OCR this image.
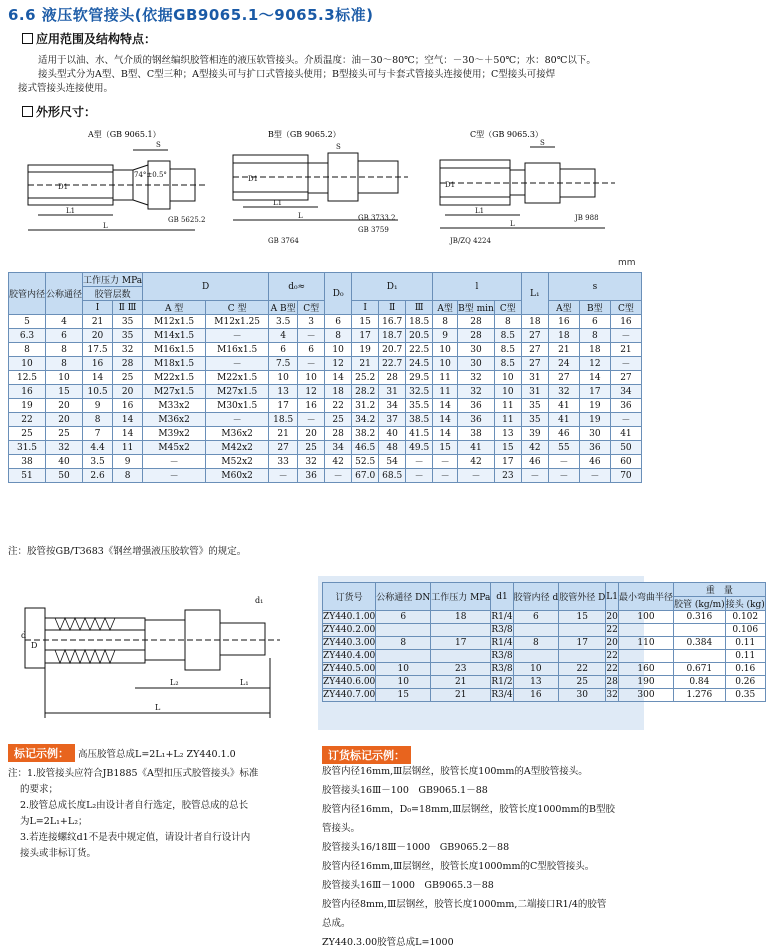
6.6 液压软管接头(依据GB9065.1～9065.3标准)
应用范围及结构特点：
适用于以油、水、气介质的钢丝编织胶管相连的液压软管接头。介质温度：油－30～80℃；空气：－30～＋50℃；水：80℃以下。
接头型式分为A型、B型、C型三种；A型接头可与扩口式管接头使用；B型接头可与卡套式管接头连接使用；C型接头可接焊
接式管接头连接使用。
外形尺寸：
A型（GB 9065.1）
74°±0.5°
L1
L
D1
GB 5625.2
S
B型（GB 9065.2）
L1
L
D1
GB 3733.2
GB 3759
GB 3764
S
C型（GB 9065.3）
S
D1
L1
L
JB 988
JB/ZQ 4224
mm
胶管内径	公称通径	工作压力 MPa		D		d₀≈		D₀	D₁			l			L₁	s		
		胶管层数																
		Ⅰ	Ⅱ Ⅲ	A 型	C 型	A B型	C型		Ⅰ	Ⅱ	Ⅲ	A型	B型 min	C型		A型	B型	C型
5	4	21	35	M12x1.5	M12x1.25	3.5	3	6	15	16.7	18.5	8	28	8	18	16	6	16
6.3	6	20	35	M14x1.5	－	4	－	8	17	18.7	20.5	9	28	8.5	27	18	8	－
8	8	17.5	32	M16x1.5	M16x1.5	6	6	10	19	20.7	22.5	10	30	8.5	27	21	18	21
10	8	16	28	M18x1.5	－	7.5	－	12	21	22.7	24.5	10	30	8.5	27	24	12	－
12.5	10	14	25	M22x1.5	M22x1.5	10	10	14	25.2	28	29.5	11	32	10	31	27	14	27
16	15	10.5	20	M27x1.5	M27x1.5	13	12	18	28.2	31	32.5	11	32	10	31	32	17	34
19	20	9	16	M33x2	M30x1.5	17	16	22	31.2	34	35.5	14	36	11	35	41	19	36
22	20	8	14	M36x2	－	18.5	－	25	34.2	37	38.5	14	36	11	35	41	19	－
25	25	7	14	M39x2	M36x2	21	20	28	38.2	40	41.5	14	38	13	39	46	30	41
31.5	32	4.4	11	M45x2	M42x2	27	25	34	46.5	48	49.5	15	41	15	42	55	36	50
38	40	3.5	9	－	M52x2	33	32	42	52.5	54	－	－	42	17	46	－	46	60
51	50	2.6	8	－	M60x2	－	36	－	67.0	68.5	－	－	－	23	－	－	－	70
注：胶管按GB/T3683《钢丝增强液压胶软管》的规定。
d₁
d
D
L₂	L₁
L
订货号	公称通径 DN	工作压力 MPa	d1	胶管内径 d	胶管外径 D	L1	最小弯曲半径	重　量	
								胶管 (kg/m)	接头 (kg)
ZY440.1.00	6	18	R1/4	6	15	20	100	0.316	0.102
ZY440.2.00			R3/8			22			0.106
ZY440.3.00	8	17	R1/4	8	17	20	110	0.384	0.11
ZY440.4.00			R3/8			22			0.11
ZY440.5.00	10	23	R3/8	10	22	22	160	0.671	0.16
ZY440.6.00	10	21	R1/2	13	25	28	190	0.84	0.26
ZY440.7.00	15	21	R3/4	16	30	32	300	1.276	0.35
标记示例： 高压胶管总成L=2L₁+L₂ ZY440.1.0
注：1.胶管接头应符合JB1885《A型扣压式胶管接头》标准
的要求；
2.胶管总成长度L₂由设计者自行选定，胶管总成的总长
为L=2L₁+L₂；
3.若连接螺纹d1不是表中规定值，请设计者自行设计内
接头或非标订货。
订货标记示例：
胶管内径16mm,Ⅲ层钢丝，胶管长度100mm的A型胶管接头。
胶管接头16Ⅲ－100　GB9065.1－88
胶管内径16mm，D₀=18mm,Ⅲ层钢丝，胶管长度1000mm的B型胶
管接头。
胶管接头16/18Ⅲ－1000　GB9065.2－88
胶管内径16mm,Ⅲ层钢丝，胶管长度1000mm的C型胶管接头。
胶管接头16Ⅲ－1000　GB9065.3－88
胶管内径8mm,Ⅲ层钢丝，胶管长度1000mm,二端接口R1/4的胶管
总成。
ZY440.3.00胶管总成L=1000
